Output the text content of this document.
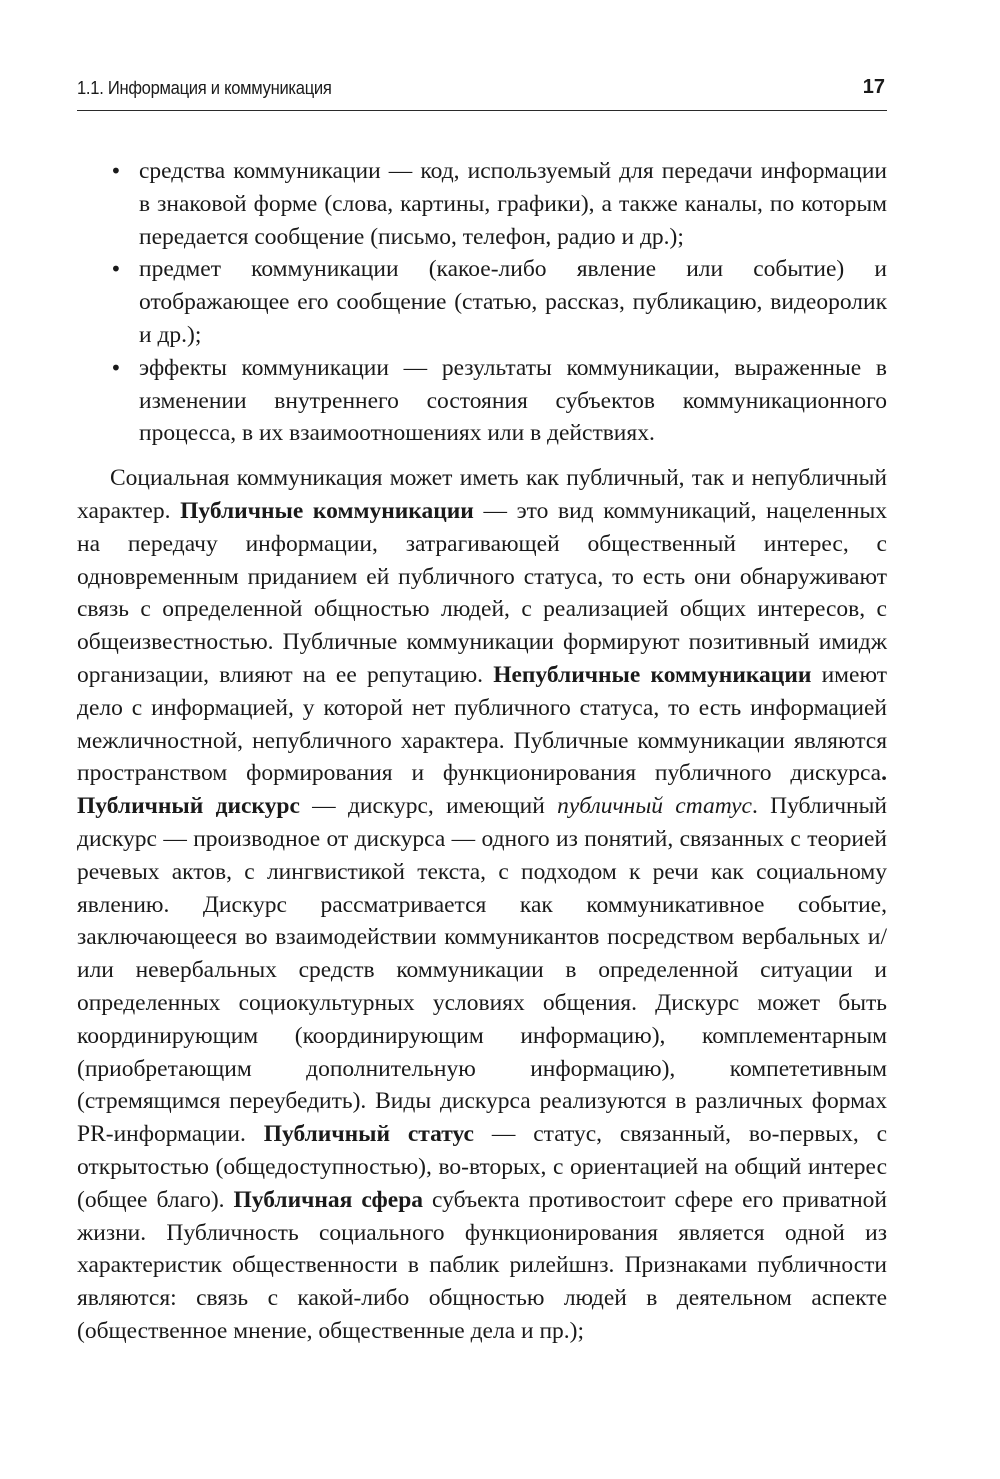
1.1. Информация и коммуникация	17
• средства коммуникации — код, используемый для передачи информации в знаковой форме (слова, картины, графики), а также каналы, по которым передается сообщение (письмо, телефон, радио и др.);
• предмет коммуникации (какое-либо явление или событие) и отображающее его сообщение (статью, рассказ, публикацию, видеоролик и др.);
• эффекты коммуникации — результаты коммуникации, выраженные в изменении внутреннего состояния субъектов коммуникационного процесса, в их взаимоотношениях или в действиях.

Социальная коммуникация может иметь как публичный, так и непубличный характер. Публичные коммуникации — это вид коммуникаций, нацеленных на передачу информации, затрагивающей общественный интерес, с одновременным приданием ей публичного статуса, то есть они обнаруживают связь с определенной общностью людей, с реализацией общих интересов, с общеизвестностью. Публичные коммуникации формируют позитивный имидж организации, влияют на ее репутацию. Непубличные коммуникации имеют дело с информацией, у которой нет публичного статуса, то есть информацией межличностной, непубличного характера. Публичные коммуникации являются пространством формирования и функционирования публичного дискурса. Публичный дискурс — дискурс, имеющий публичный статус. Публичный дискурс — производное от дискурса — одного из понятий, связанных с теорией речевых актов, с лингвистикой текста, с подходом к речи как социальному явлению. Дискурс рассматривается как коммуникативное событие, заключающееся во взаимодействии коммуникантов посредством вербальных и/или невербальных средств коммуникации в определенной ситуации и определенных социокультурных условиях общения. Дискурс может быть координирующим (координирующим информацию), комплементарным (приобретающим дополнительную информацию), компететивным (стремящимся переубедить). Виды дискурса реализуются в различных формах PR-информации. Публичный статус — статус, связанный, во-первых, с открытостью (общедоступностью), во-вторых, с ориентацией на общий интерес (общее благо). Публичная сфера субъекта противостоит сфере его приватной жизни. Публичность социального функционирования является одной из характеристик общественности в паблик рилейшнз. Признаками публичности являются: связь с какой-либо общностью людей в деятельном аспекте (общественное мнение, общественные дела и пр.);
